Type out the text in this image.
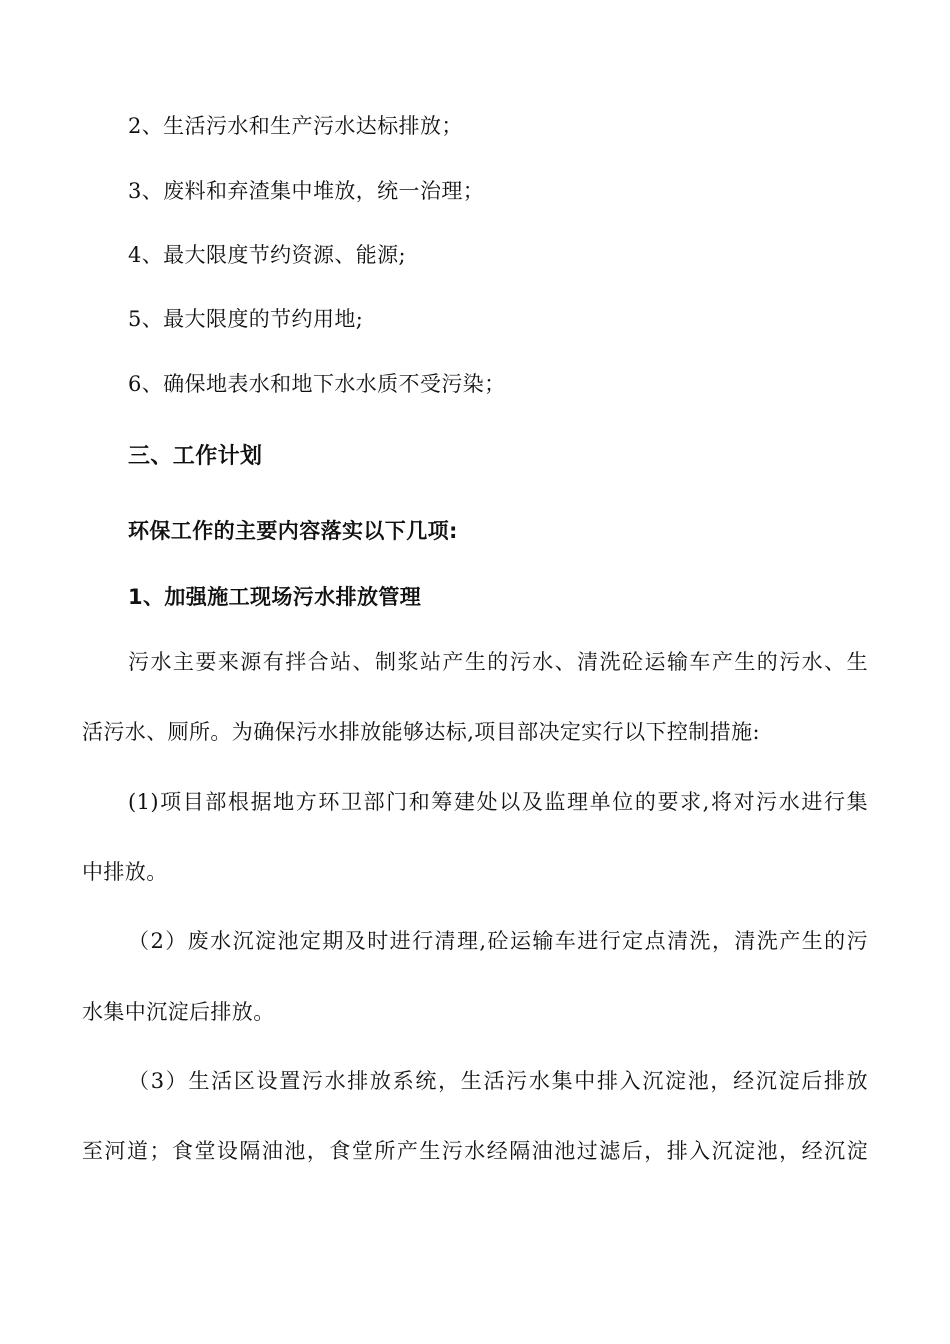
2、生活污水和生产污水达标排放；
3、废料和弃渣集中堆放，统一治理；
4、最大限度节约资源、能源;
5、最大限度的节约用地;
6、确保地表水和地下水水质不受污染；
三、工作计划
环保工作的主要内容落实以下几项:
1、加强施工现场污水排放管理
污水主要来源有拌合站、制浆站产生的污水、清洗砼运输车产生的污水、生
活污水、厕所。为确保污水排放能够达标,项目部决定实行以下控制措施:
(1)项目部根据地方环卫部门和筹建处以及监理单位的要求,将对污水进行集
中排放。
（2）废水沉淀池定期及时进行清理,砼运输车进行定点清洗，清洗产生的污
水集中沉淀后排放。
（3）生活区设置污水排放系统，生活污水集中排入沉淀池，经沉淀后排放
至河道；食堂设隔油池，食堂所产生污水经隔油池过滤后，排入沉淀池，经沉淀
